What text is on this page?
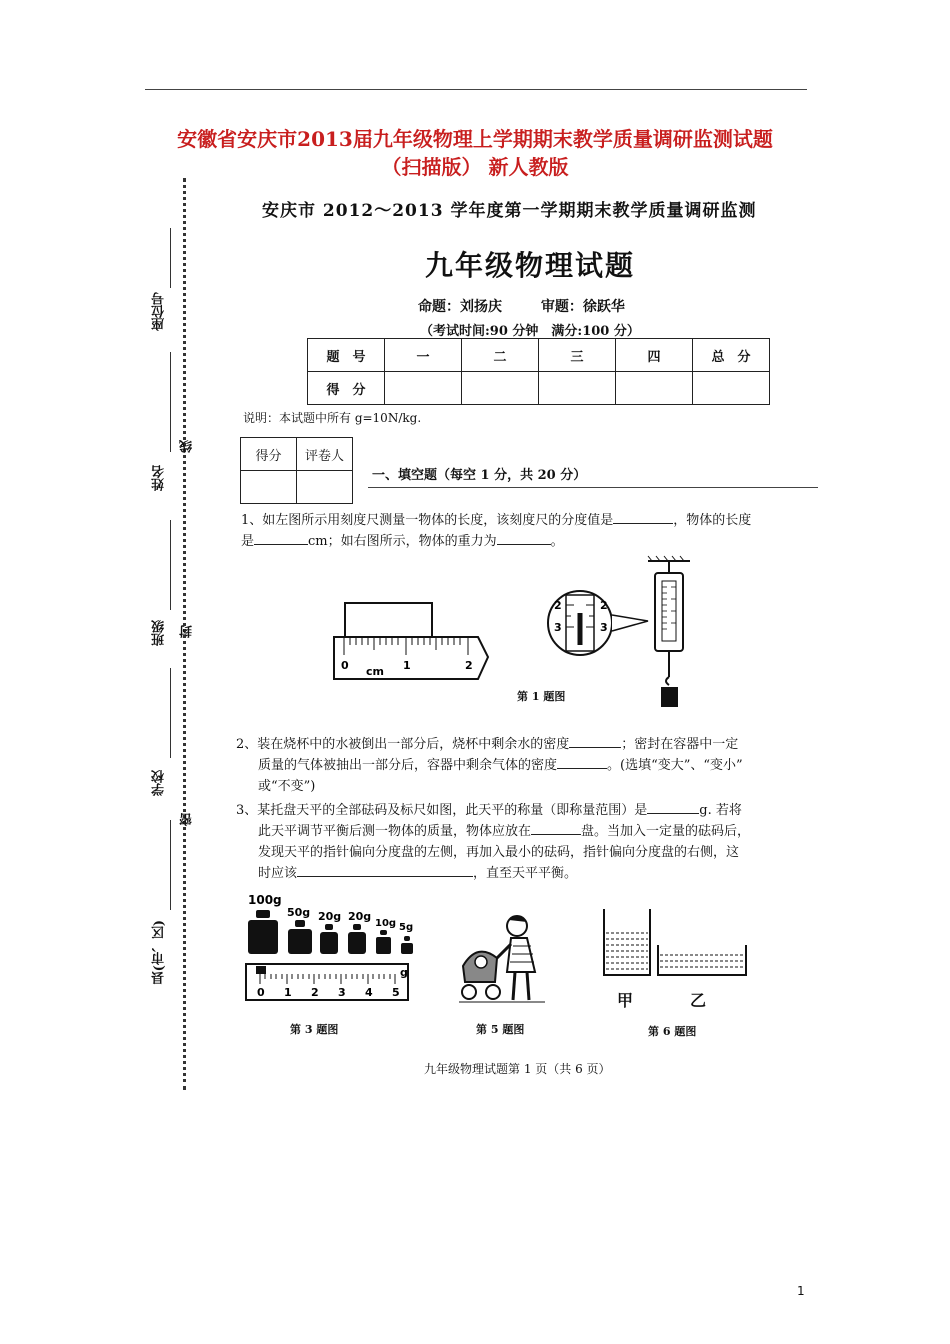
安徽省安庆市2013届九年级物理上学期期末教学质量调研监测试题
（扫描版） 新人教版
座位号
姓名
班级
学校
县(市、区)
线
封
密
安庆市 2012～2013 学年度第一学期期末教学质量调研监测
九年级物理试题
命题：刘扬庆	审题：徐跃华
（考试时间:90 分钟　满分:100 分）
题　号	一	二	三	四	总　分
得　分					
说明：本试题中所有 g=10N/kg.
得分	评卷人

一、填空题（每空 1 分，共 20 分）
1、如左图所示用刻度尺测量一物体的长度，该刻度尺的分度值是	，物体的长度
是	cm；如右图所示，物体的重力为	。
0	1	2
cm
2	2
3	3
第 1 题图
2、装在烧杯中的水被倒出一部分后，烧杯中剩余水的密度	；密封在容器中一定
质量的气体被抽出一部分后，容器中剩余气体的密度	。(选填“变大”、“变小”
或“不变”)
3、某托盘天平的全部砝码及标尺如图，此天平的称量（即称量范围）是	g. 若将
此天平调节平衡后测一物体的质量，物体应放在	盘。当加入一定量的砝码后，
发现天平的指针偏向分度盘的左侧，再加入最小的砝码，指针偏向分度盘的右侧，这
时应该	，直至天平平衡。
100g
50g 20g 20g
10g 5g
0 1 2 3 4 5
g
第 3 题图	第 5 题图
甲	乙
第 6 题图
九年级物理试题第 1 页（共 6 页）
1
